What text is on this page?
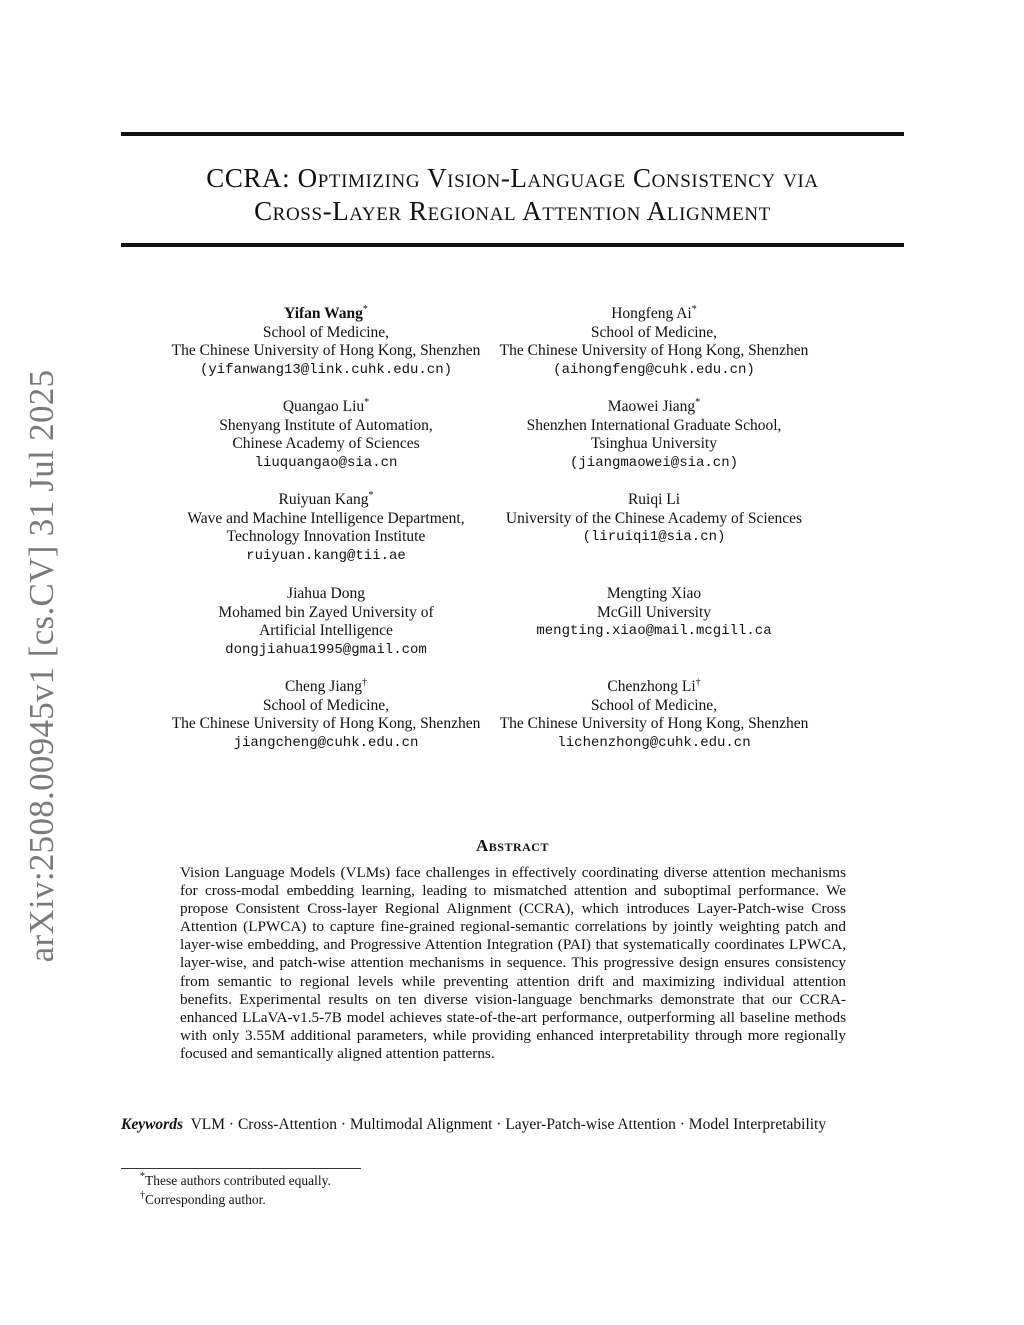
arXiv:2508.00945v1 [cs.CV] 31 Jul 2025
CCRA: Optimizing Vision-Language Consistency via
Cross-Layer Regional Attention Alignment
Yifan Wang*
School of Medicine,
The Chinese University of Hong Kong, Shenzhen
(yifanwang13@link.cuhk.edu.cn)
Hongfeng Ai*
School of Medicine,
The Chinese University of Hong Kong, Shenzhen
(aihongfeng@cuhk.edu.cn)
Quangao Liu*
Shenyang Institute of Automation,
Chinese Academy of Sciences
liuquangao@sia.cn
Maowei Jiang*
Shenzhen International Graduate School,
Tsinghua University
(jiangmaowei@sia.cn)
Ruiyuan Kang*
Wave and Machine Intelligence Department,
Technology Innovation Institute
ruiyuan.kang@tii.ae
Ruiqi Li
University of the Chinese Academy of Sciences
(liruiqi1@sia.cn)
Jiahua Dong
Mohamed bin Zayed University of
Artificial Intelligence
dongjiahua1995@gmail.com
Mengting Xiao
McGill University
mengting.xiao@mail.mcgill.ca
Cheng Jiang†
School of Medicine,
The Chinese University of Hong Kong, Shenzhen
jiangcheng@cuhk.edu.cn
Chenzhong Li†
School of Medicine,
The Chinese University of Hong Kong, Shenzhen
lichenzhong@cuhk.edu.cn
Abstract
Vision Language Models (VLMs) face challenges in effectively coordinating diverse attention mechanisms for cross-modal embedding learning, leading to mismatched attention and suboptimal performance. We propose Consistent Cross-layer Regional Alignment (CCRA), which introduces Layer-Patch-wise Cross Attention (LPWCA) to capture fine-grained regional-semantic correlations by jointly weighting patch and layer-wise embedding, and Progressive Attention Integration (PAI) that systematically coordinates LPWCA, layer-wise, and patch-wise attention mechanisms in sequence. This progressive design ensures consistency from semantic to regional levels while preventing attention drift and maximizing individual attention benefits. Experimental results on ten diverse vision-language benchmarks demonstrate that our CCRA-enhanced LLaVA-v1.5-7B model achieves state-of-the-art performance, outperforming all baseline methods with only 3.55M additional parameters, while providing enhanced interpretability through more regionally focused and semantically aligned attention patterns.
Keywords VLM · Cross-Attention · Multimodal Alignment · Layer-Patch-wise Attention · Model Interpretability
*These authors contributed equally.
†Corresponding author.
